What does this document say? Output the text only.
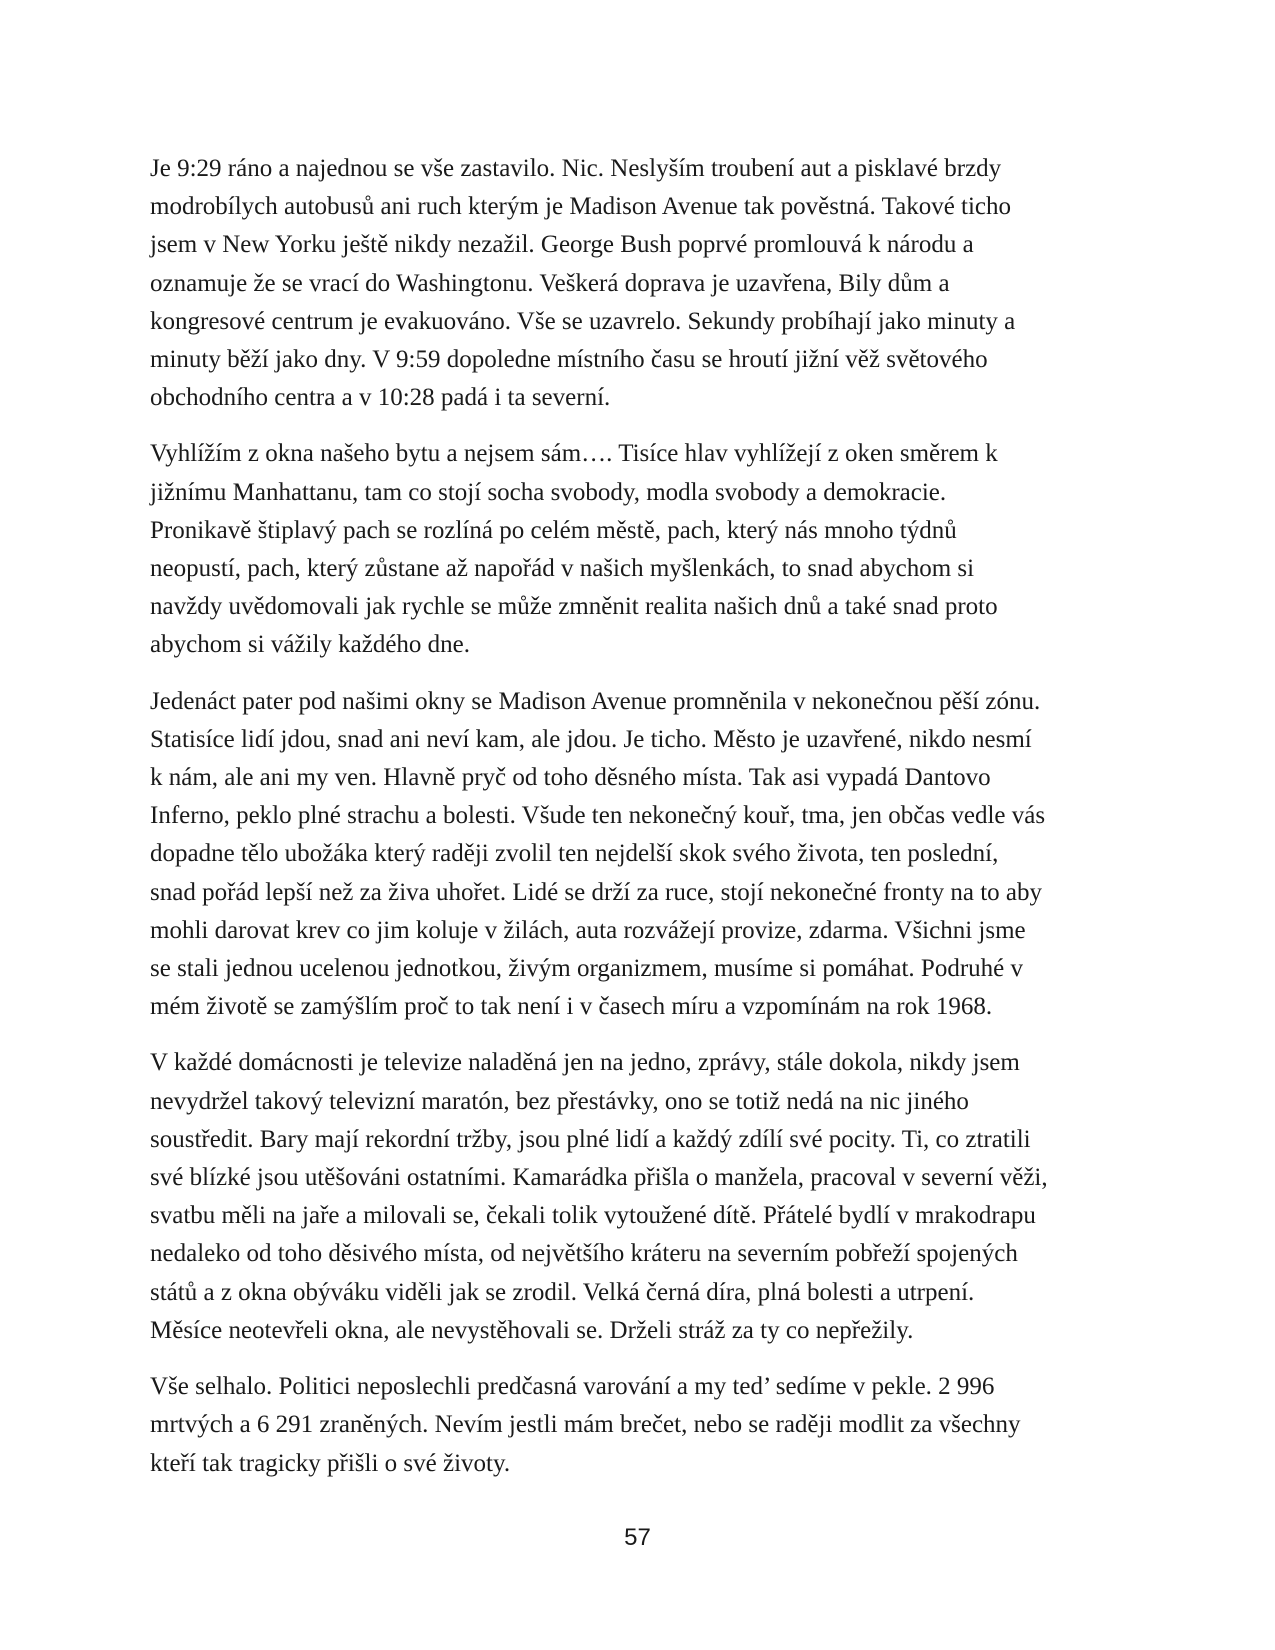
Je 9:29 ráno a najednou se vše zastavilo. Nic. Neslyším troubení aut a pisklavé brzdy
modrobílych autobusů ani ruch kterým je Madison Avenue tak pověstná. Takové ticho
jsem v New Yorku ještě nikdy nezažil. George Bush poprvé promlouvá k národu a
oznamuje že se vrací do Washingtonu. Veškerá doprava je uzavřena, Bily dům a
kongresové centrum je evakuováno. Vše se uzavrelo. Sekundy probíhají jako minuty a
minuty běží jako dny. V 9:59 dopoledne místního času se hroutí jižní věž světového
obchodního centra a v 10:28 padá i ta severní.

Vyhlížím z okna našeho bytu a nejsem sám…. Tisíce hlav vyhlížejí z oken směrem k
jižnímu Manhattanu, tam co stojí socha svobody, modla svobody a demokracie.
Pronikavě štiplavý pach se rozlíná po celém městě, pach, který nás mnoho týdnů
neopustí, pach, který zůstane až napořád v našich myšlenkách, to snad abychom si
navždy uvědomovali jak rychle se může zmněnit realita našich dnů a také snad proto
abychom si vážily každého dne.

Jedenáct pater pod našimi okny se Madison Avenue promněnila v nekonečnou pěší zónu.
Statisíce lidí jdou, snad ani neví kam, ale jdou. Je ticho. Město je uzavřené, nikdo nesmí
k nám, ale ani my ven. Hlavně pryč od toho děsného místa. Tak asi vypadá Dantovo
Inferno, peklo plné strachu a bolesti. Všude ten nekonečný kouř, tma, jen občas vedle vás
dopadne tělo ubožáka který raději zvolil ten nejdelší skok svého života, ten poslední,
snad pořád lepší než za živa uhořet. Lidé se drží za ruce, stojí nekonečné fronty na to aby
mohli darovat krev co jim koluje v žilách, auta rozvážejí provize, zdarma. Všichni jsme
se stali jednou ucelenou jednotkou, živým organizmem, musíme si pomáhat. Podruhé v
mém životě se zamýšlím proč to tak není i v časech míru a vzpomínám na rok 1968.

V každé domácnosti je televize naladěná jen na jedno, zprávy, stále dokola, nikdy jsem
nevydržel takový televizní maratón, bez přestávky, ono se totiž nedá na nic jiného
soustředit. Bary mají rekordní tržby, jsou plné lidí a každý zdílí své pocity. Ti, co ztratili
své blízké jsou utěšováni ostatními. Kamarádka přišla o manžela, pracoval v severní věži,
svatbu měli na jaře a milovali se, čekali tolik vytoužené dítě. Přátelé bydlí v mrakodrapu
nedaleko od toho děsivého místa, od největšího kráteru na severním pobřeží spojených
států a z okna obýváku viděli jak se zrodil. Velká černá díra, plná bolesti a utrpení.
Měsíce neotevřeli okna, ale nevystěhovali se. Drželi stráž za ty co nepřežily.

Vše selhalo. Politici neposlechli predčasná varování a my ted’ sedíme v pekle. 2 996
mrtvých a 6 291 zraněných. Nevím jestli mám brečet, nebo se raději modlit za všechny
kteří tak tragicky přišli o své životy.

57
